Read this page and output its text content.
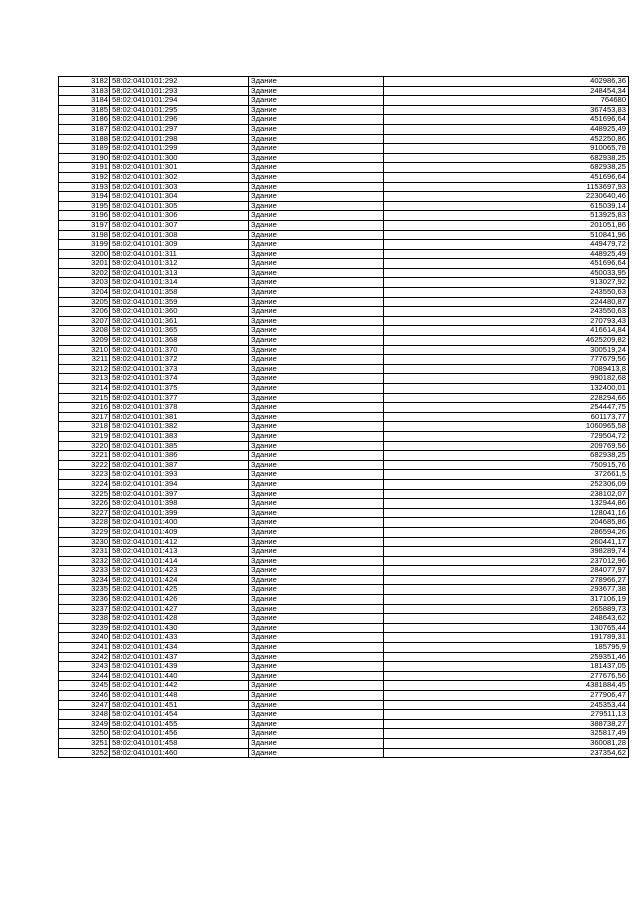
3182	58:02:0410101:292	Здание	402986,36
3183	58:02:0410101:293	Здание	248454,34
3184	58:02:0410101:294	Здание	764680
3185	58:02:0410101:295	Здание	367453,83
3186	58:02:0410101:296	Здание	451696,64
3187	58:02:0410101:297	Здание	448925,49
3188	58:02:0410101:298	Здание	452250,86
3189	58:02:0410101:299	Здание	910065,78
3190	58:02:0410101:300	Здание	682938,25
3191	58:02:0410101:301	Здание	682938,25
3192	58:02:0410101:302	Здание	451696,64
3193	58:02:0410101:303	Здание	1153697,93
3194	58:02:0410101:304	Здание	2230640,46
3195	58:02:0410101:305	Здание	615039,14
3196	58:02:0410101:306	Здание	513925,83
3197	58:02:0410101:307	Здание	201051,86
3198	58:02:0410101:308	Здание	510841,96
3199	58:02:0410101:309	Здание	449479,72
3200	58:02:0410101:311	Здание	448925,49
3201	58:02:0410101:312	Здание	451696,64
3202	58:02:0410101:313	Здание	450033,95
3203	58:02:0410101:314	Здание	913027,92
3204	58:02:0410101:358	Здание	243550,63
3205	58:02:0410101:359	Здание	224480,87
3206	58:02:0410101:360	Здание	243550,63
3207	58:02:0410101:361	Здание	270793,43
3208	58:02:0410101:365	Здание	416614,84
3209	58:02:0410101:368	Здание	4625209,82
3210	58:02:0410101:370	Здание	300519,24
3211	58:02:0410101:372	Здание	777679,56
3212	58:02:0410101:373	Здание	7089413,8
3213	58:02:0410101:374	Здание	990182,68
3214	58:02:0410101:375	Здание	132400,01
3215	58:02:0410101:377	Здание	228294,66
3216	58:02:0410101:378	Здание	254447,75
3217	58:02:0410101:381	Здание	601173,77
3218	58:02:0410101:382	Здание	1060965,58
3219	58:02:0410101:383	Здание	729504,72
3220	58:02:0410101:385	Здание	209769,56
3221	58:02:0410101:386	Здание	682938,25
3222	58:02:0410101:387	Здание	750915,76
3223	58:02:0410101:393	Здание	372661,5
3224	58:02:0410101:394	Здание	252306,09
3225	58:02:0410101:397	Здание	238102,07
3226	58:02:0410101:398	Здание	132944,86
3227	58:02:0410101:399	Здание	128041,16
3228	58:02:0410101:400	Здание	204685,86
3229	58:02:0410101:409	Здание	286594,26
3230	58:02:0410101:412	Здание	260441,17
3231	58:02:0410101:413	Здание	398289,74
3232	58:02:0410101:414	Здание	237012,96
3233	58:02:0410101:423	Здание	284077,97
3234	58:02:0410101:424	Здание	278966,27
3235	58:02:0410101:425	Здание	293677,38
3236	58:02:0410101:426	Здание	317106,19
3237	58:02:0410101:427	Здание	265889,73
3238	58:02:0410101:428	Здание	248643,62
3239	58:02:0410101:430	Здание	130765,44
3240	58:02:0410101:433	Здание	191789,31
3241	58:02:0410101:434	Здание	185795,9
3242	58:02:0410101:437	Здание	259351,46
3243	58:02:0410101:439	Здание	181437,05
3244	58:02:0410101:440	Здание	277676,56
3245	58:02:0410101:442	Здание	4381884,45
3246	58:02:0410101:448	Здание	277906,47
3247	58:02:0410101:451	Здание	245353,44
3248	58:02:0410101:454	Здание	279511,13
3249	58:02:0410101:455	Здание	388738,27
3250	58:02:0410101:456	Здание	325817,49
3251	58:02:0410101:458	Здание	360081,28
3252	58:02:0410101:460	Здание	237354,62
